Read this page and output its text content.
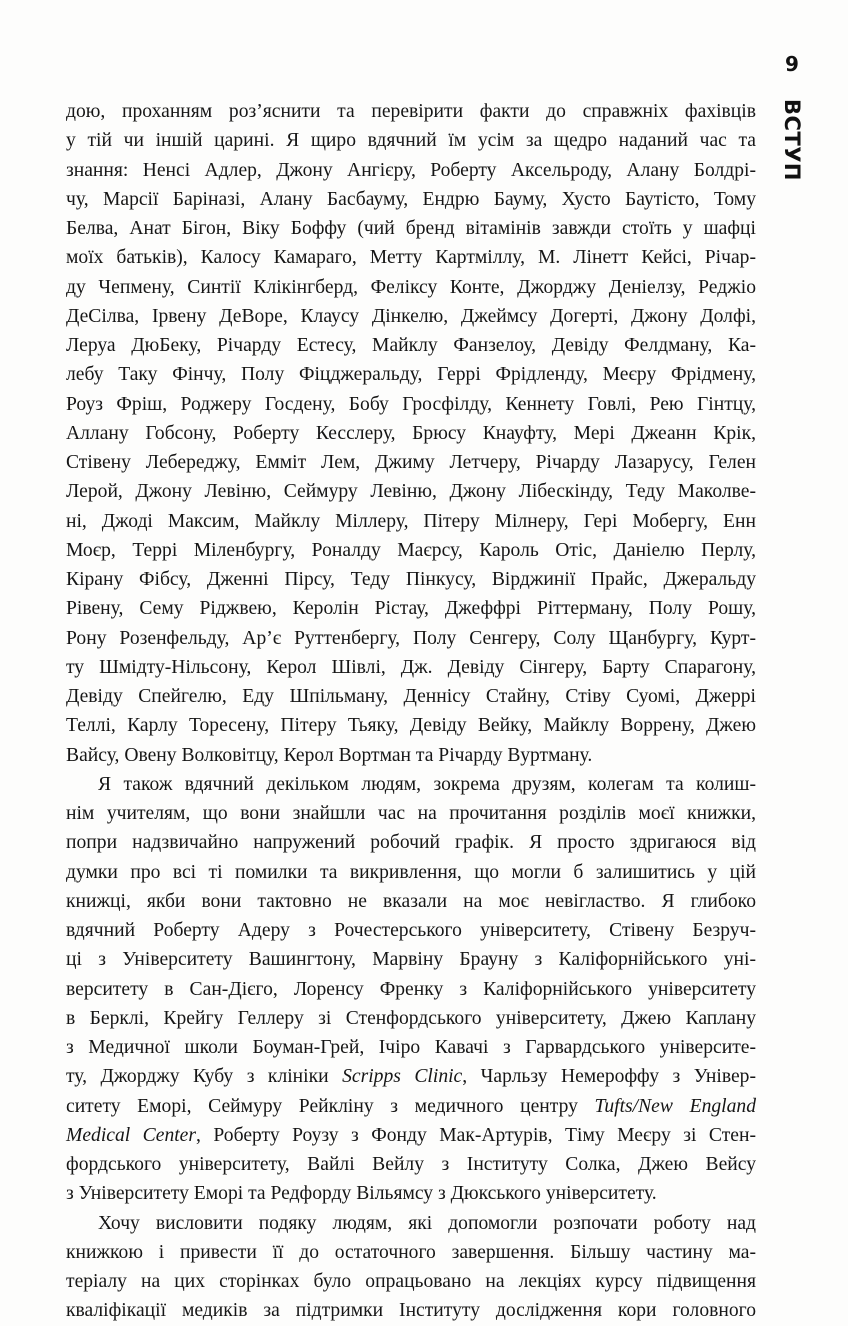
9
ВСТУП
дою, проханням роз’яснити та перевірити факти до справжніх фахівців
у тій чи іншій царині. Я щиро вдячний їм усім за щедро наданий час та
знання: Нeнсі Адлер, Джону Ангієру, Роберту Аксельроду, Алану Болдрі-
чу, Марсії Баріназі, Алану Басбауму, Ендрю Бауму, Хусто Баутісто, Тому
Белва, Анат Бігон, Віку Боффу (чий бренд вітамінів завжди стоїть у шафці
моїх батьків), Калосу Камараго, Метту Картміллу, М. Лінетт Кейсі, Річар-
ду Чепмену, Синтії Клікінгберд, Феліксу Конте, Джорджу Деніелзу, Реджіо
ДеСілва, Ірвену ДеВоре, Клаусу Дінкелю, Джеймсу Догерті, Джону Долфі,
Леруа ДюБеку, Річарду Естесу, Майклу Фанзелоу, Девіду Фелдману, Ка-
лебу Таку Фінчу, Полу Фіцджеральду, Геррі Фрідленду, Меєру Фрідмену,
Роуз Фріш, Роджеру Госдену, Бобу Гросфілду, Кеннету Говлі, Рею Гінтцу,
Аллану Гобсону, Роберту Кесслеру, Брюсу Кнауфту, Мері Джеанн Крік,
Стівену Лебереджу, Емміт Лем, Джиму Летчеру, Річарду Лазарусу, Гелен
Лерой, Джону Левіню, Сеймуру Левіню, Джону Лібескінду, Теду Маколве-
ні, Джоді Максим, Майклу Міллеру, Пітеру Мілнеру, Гері Мобергу, Енн
Моєр, Террі Міленбургу, Роналду Маєрсу, Кароль Отіс, Даніелю Перлу,
Кірану Фібсу, Дженні Пірсу, Теду Пінкусу, Вірджинії Прайс, Джеральду
Рівену, Сему Ріджвею, Керолін Рістау, Джеффрі Ріттерману, Полу Рошу,
Рону Розенфельду, Ар’є Руттенбергу, Полу Сенгеру, Солу Щанбургу, Курт-
ту Шмідту-Нільсону, Керол Шівлі, Дж. Девіду Сінгеру, Барту Спарагону,
Девіду Спейгелю, Еду Шпільману, Деннісу Стайну, Стіву Суомі, Джеррі
Теллі, Карлу Торесену, Пітеру Тьяку, Девіду Вейку, Майклу Воррену, Джею
Вайсу, Овену Волковітцу, Керол Вортман та Річарду Вуртману.
Я також вдячний декільком людям, зокрема друзям, колегам та колиш-
нім учителям, що вони знайшли час на прочитання розділів моєї книжки,
попри надзвичайно напружений робочий графік. Я просто здригаюся від
думки про всі ті помилки та викривлення, що могли б залишитись у цій
книжці, якби вони тактовно не вказали на моє невігластво. Я глибоко
вдячний Роберту Адеру з Рочестерського університету, Стівену Безруч-
ці з Університету Вашингтону, Марвіну Брауну з Каліфорнійського уні-
верситету в Сан-Дієго, Лоренсу Френку з Каліфорнійського університету
в Берклі, Крейгу Геллеру зі Стенфордського університету, Джею Каплану
з Медичної школи Боуман-Грей, Ічіро Кавачі з Гарвардського університе-
ту, Джорджу Кубу з клініки Scripps Clinic, Чарльзу Немероффу з Універ-
ситету Еморі, Сеймуру Рейкліну з медичного центру Tufts/New England
Medical Center, Роберту Роузу з Фонду Мак-Артурів, Тіму Меєру зі Стен-
фордського університету, Вайлі Вейлу з Інституту Солка, Джею Вейсу
з Університету Еморі та Редфорду Вільямсу з Дюкського університету.
Хочу висловити подяку людям, які допомогли розпочати роботу над
книжкою і привести її до остаточного завершення. Більшу частину ма-
теріалу на цих сторінках було опрацьовано на лекціях курсу підвищення
кваліфікації медиків за підтримки Інституту дослідження кори головного
